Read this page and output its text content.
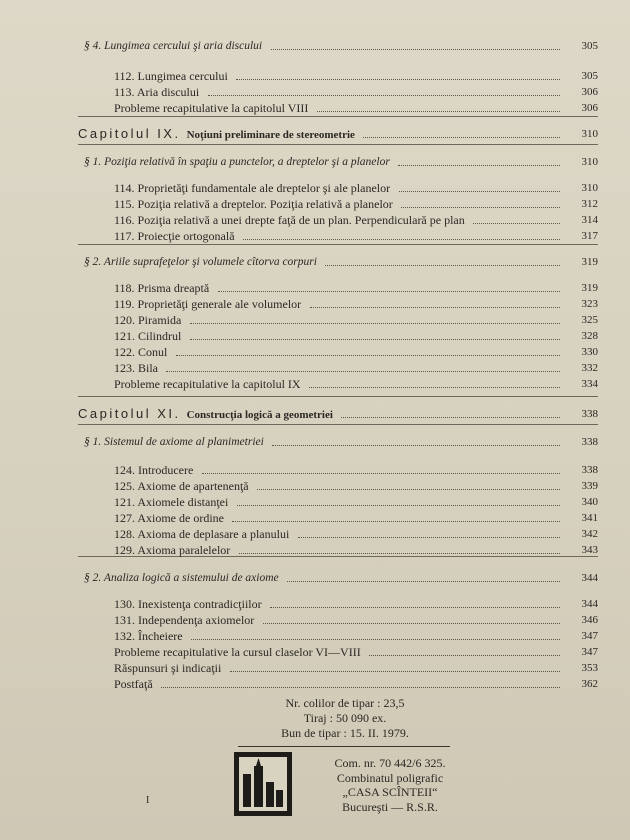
§ 4. Lungimea cercului şi aria discului	305
112. Lungimea cercului	305
113. Aria discului	306
Probleme recapitulative la capitolul VIII	306
Capitolul IX. Noţiuni preliminare de stereometrie	310
§ 1. Poziţia relativă în spaţiu a punctelor, a dreptelor şi a planelor	310
114. Proprietăţi fundamentale ale dreptelor şi ale planelor	310
115. Poziţia relativă a dreptelor. Poziţia relativă a planelor	312
116. Poziţia relativă a unei drepte faţă de un plan. Perpendiculară pe plan	314
117. Proiecţie ortogonală	317
§ 2. Ariile suprafeţelor şi volumele cîtorva corpuri	319
118. Prisma dreaptă	319
119. Proprietăţi generale ale volumelor	323
120. Piramida	325
121. Cilindrul	328
122. Conul	330
123. Bila	332
Probleme recapitulative la capitolul IX	334
Capitolul XI. Construcţia logică a geometriei	338
§ 1. Sistemul de axiome al planimetriei	338
124. Introducere	338
125. Axiome de apartenenţă	339
121. Axiomele distanţei	340
127. Axiome de ordine	341
128. Axioma de deplasare a planului	342
129. Axioma paralelelor	343
§ 2. Analiza logică a sistemului de axiome	344
130. Inexistenţa contradicţiilor	344
131. Independenţa axiomelor	346
132. Încheiere	347
Probleme recapitulative la cursul claselor VI—VIII	347
Răspunsuri şi indicaţii	353
Postfaţă	362
Nr. colilor de tipar : 23,5
Tiraj : 50 090 ex.
Bun de tipar : 15. II. 1979.
Com. nr. 70 442/6 325.
Combinatul poligrafic
„CASA SCÎNTEII“
Bucureşti — R.S.R.
I
